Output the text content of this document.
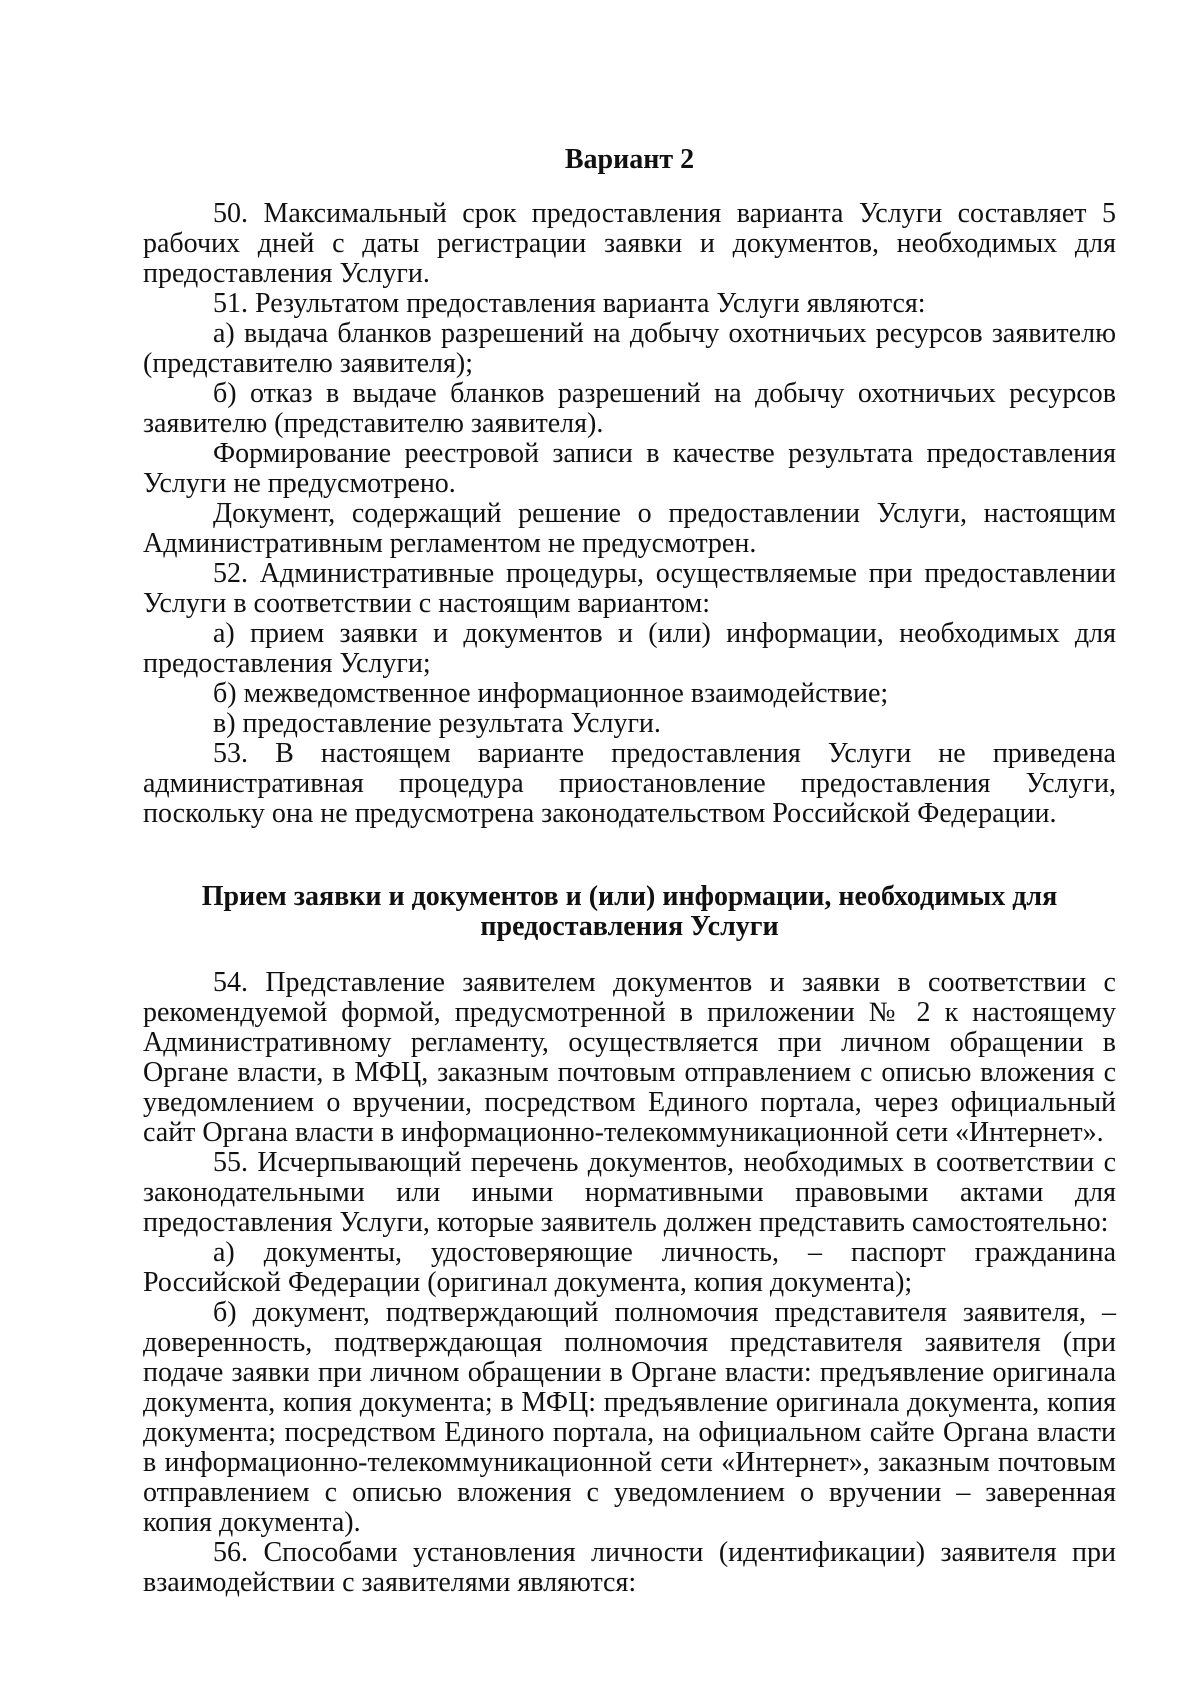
Вариант 2

50. Максимальный срок предоставления варианта Услуги составляет 5 рабочих дней с даты регистрации заявки и документов, необходимых для предоставления Услуги.

51. Результатом предоставления варианта Услуги являются:

а) выдача бланков разрешений на добычу охотничьих ресурсов заявителю (представителю заявителя);

б) отказ в выдаче бланков разрешений на добычу охотничьих ресурсов заявителю (представителю заявителя).

Формирование реестровой записи в качестве результата предоставления Услуги не предусмотрено.

Документ, содержащий решение о предоставлении Услуги, настоящим Административным регламентом не предусмотрен.

52. Административные процедуры, осуществляемые при предоставлении Услуги в соответствии с настоящим вариантом:

а) прием заявки и документов и (или) информации, необходимых для предоставления Услуги;

б) межведомственное информационное взаимодействие;

в) предоставление результата Услуги.

53. В настоящем варианте предоставления Услуги не приведена административная процедура приостановление предоставления Услуги, поскольку она не предусмотрена законодательством Российской Федерации.

Прием заявки и документов и (или) информации, необходимых для
предоставления Услуги

54. Представление заявителем документов и заявки в соответствии с рекомендуемой формой, предусмотренной в приложении № 2 к настоящему Административному регламенту, осуществляется при личном обращении в Органе власти, в МФЦ, заказным почтовым отправлением с описью вложения с уведомлением о вручении, посредством Единого портала, через официальный сайт Органа власти в информационно-телекоммуникационной сети «Интернет».

55. Исчерпывающий перечень документов, необходимых в соответствии с законодательными или иными нормативными правовыми актами для предоставления Услуги, которые заявитель должен представить самостоятельно:

а) документы, удостоверяющие личность, – паспорт гражданина Российской Федерации (оригинал документа, копия документа);

б) документ, подтверждающий полномочия представителя заявителя, – доверенность, подтверждающая полномочия представителя заявителя (при подаче заявки при личном обращении в Органе власти: предъявление оригинала документа, копия документа; в МФЦ: предъявление оригинала документа, копия документа; посредством Единого портала, на официальном сайте Органа власти в информационно-телекоммуникационной сети «Интернет», заказным почтовым отправлением с описью вложения с уведомлением о вручении – заверенная копия документа).

56. Способами установления личности (идентификации) заявителя при взаимодействии с заявителями являются:
